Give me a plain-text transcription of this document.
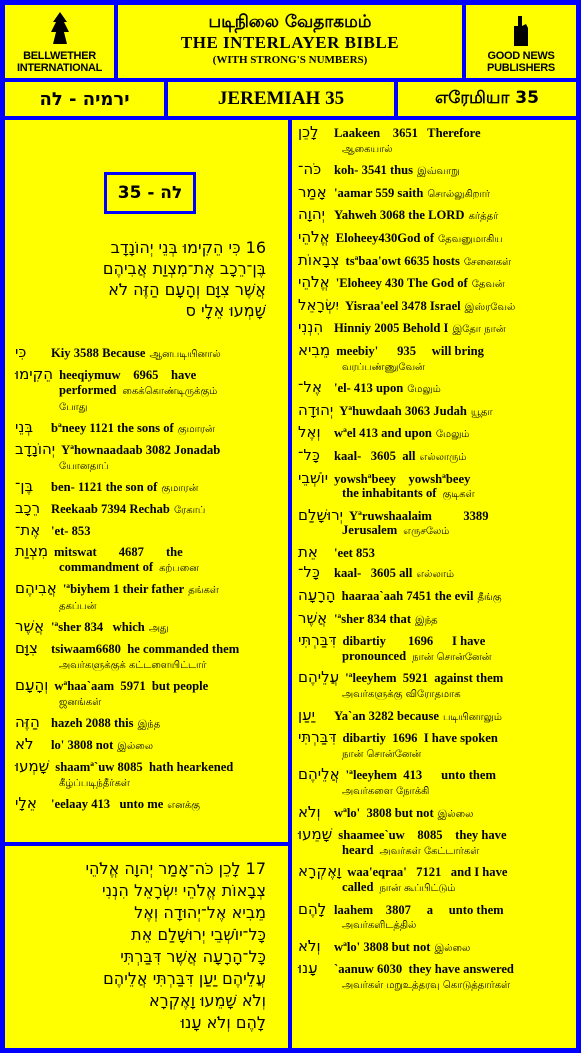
BELLWETHER INTERNATIONAL
படிநிலை வேதாகமம்
THE INTERLAYER BIBLE
(WITH STRONG'S NUMBERS)	GOOD NEWS PUBLISHERS
ירמיה - לה	JEREMIAH 35	எரேமியா 35
לה - 35
16 כִּי הֵקִימוּ בְּנֵי יְהוֹנָדָב
בֶּן־רֵכָב אֶת־מִצְוַת אֲבִיהֶם
אֲשֶׁר צִוָּם וְהָעָם הַזֶּה לֹא
שָׁמְעוּ אֵלָי ס
כִּי	Kiy 3588 Because ஆனபடியினால்
הֵקִימוּ heeqiymuw    6965    have
performed கைக்கொண்டிருக்கும்
போது
בְּנֵי	bªneey 1121 the sons of குமாரன்
יְהוֹנָדָב Yªhownaadaab 3082 Jonadab
யோனதாப்
בֶּן־	ben- 1121 the son of குமாரன்
רֵכָב Reekaab 7394 Rechab ரேகாப்
אֶת־ 'et- 853
מִצְוַת mitswat       4687       the
commandment of கற்பனை
אֲבִיהֶם 'ªbiyhem 1 their father தங்கள்
தகப்பன்
אֲשֶׁר 'ªsher 834   which அது
צִוָּם	tsiwaam6680  he commanded them
அவர்களுக்குக் கட்டளையிட்டார்
וְהָעָם wªhaa`aam  5971  but people
ஜனங்கள்
הַזֶּה hazeh 2088 this இந்த
לֹא	lo' 3808 not இல்லை
שָׁמְעוּ shaamª`uw 8085  hath hearkened
கீழ்ப்படிந்தீர்கள்
אֵלָי	'eelaay 413   unto me எனக்கு
17 לָכֵן כֹּה־אָמַר יְהוָה אֱלֹהֵי
צְבָאוֹת אֱלֹהֵי יִשְׂרָאֵל הִנְנִי
מֵבִיא אֶל־יְהוּדָה וְאֶל
כָּל־יוֹשְׁבֵי יְרוּשָׁלִַם אֵת
כָּל־הָרָעָה אֲשֶׁר דִּבַּרְתִּי
עֲלֵיהֶם יַעַן דִּבַּרְתִּי אֲלֵיהֶם
וְלֹא שָׁמֵעוּ וָאֶקְרָא
לָהֶם וְלֹא עָנוּ
לָכֵן	Laakeen    3651   Therefore
ஆகையால்
כֹּה־	koh- 3541 thus இவ்வாறு
אָמַר 'aamar 559 saith சொல்லுகிறார்
יְהוָה Yahweh 3068 the LORD கர்த்தர்
אֱלֹהֵי Eloheey430God of தேவனுமாகிய
צְבָאוֹת tsªbaa'owt 6635 hosts சேனைகள்
אֱלֹהֵי 'Eloheey 430 The God of தேவன்
יִשְׂרָאֵל Yisraa'eel 3478 Israel இஸ்ரவேல்
הִנְנִי Hinniy 2005 Behold I இதோ நான்
מֵבִיא meebiy'      935     will bring
வரப்பண்ணுவேன்
אֶל־ 'el- 413 upon மேலும்
יְהוּדָה Yªhuwdaah 3063 Judah யூதா
וְאֶל	wªel 413 and upon மேலும்
כָּל־	kaal-   3605  all எல்லாரும்
יוֹשְׁבֵי yowshªbeey    yowshªbeey
the inhabitants of குடிகள்
יְרוּשָׁלִַם Yªruwshaalaim          3389
Jerusalem எருசலேம்
אֵת	'eet 853
כָּל־	kaal-   3605 all எல்லாம்
הָרָעָה haaraa`aah 7451 the evil தீங்கு
אֲשֶׁר 'ªsher 834 that இந்த
דִּבַּרְתִּי dibartiy       1696      I have
pronounced நான் சொன்னேன்
עֲלֵיהֶם 'ªleeyhem  5921  against them
அவர்களுக்கு விரோதமாக
יַעַן	Ya`an 3282 because படியினாலும்
דִּבַּרְתִּי dibartiy  1696  I have spoken
நான் சொன்னேன்
אֲלֵיהֶם 'ªleeyhem  413      unto them
அவர்களை நோக்கி
וְלֹא	wªlo'  3808 but not இல்லை
שָׁמֵעוּ shaamee`uw    8085    they have
heard அவர்கள் கேட்டார்கள்
וָאֶקְרָא waa'eqraa'   7121   and I have
called நான் கூப்பிட்டும்
לָהֶם laahem    3807     a     unto them
அவர்களிடத்தில்
וְלֹא	wªlo' 3808 but not இல்லை
עָנוּ	`aanuw 6030  they have answered
அவர்கள் மறுஉத்தரவு கொடுத்தார்கள்
